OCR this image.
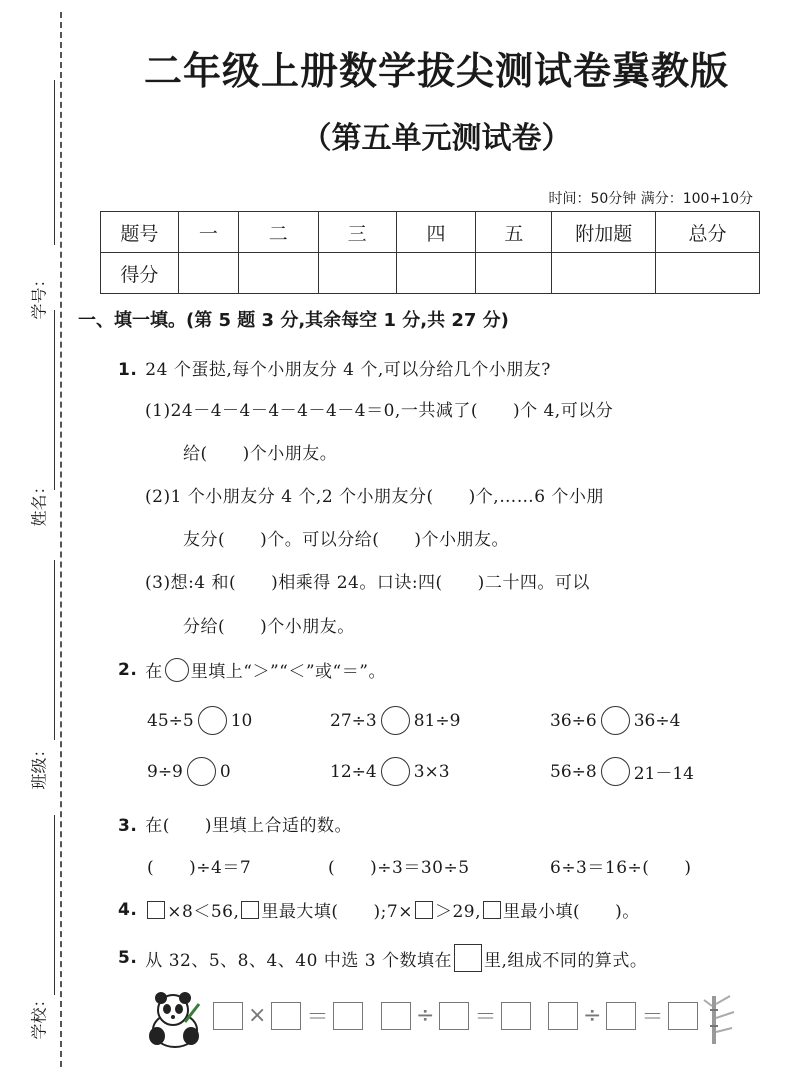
学号：
姓名：
班级：
学校：
二年级上册数学拔尖测试卷冀教版
（第五单元测试卷）
时间：50分钟 满分：100+10分
题号	一	二	三	四	五	附加题	总分
得分							
一、填一填。(第 5 题 3 分,其余每空 1 分,共 27 分)
1. 24 个蛋挞,每个小朋友分 4 个,可以分给几个小朋友?
(1)24－4－4－4－4－4－4＝0,一共减了(　　)个 4,可以分
给(　　)个小朋友。
(2)1 个小朋友分 4 个,2 个小朋友分(　　)个,……6 个小朋
友分(　　)个。可以分给(　　)个小朋友。
(3)想:4 和(　　)相乘得 24。口诀:四(　　)二十四。可以
分给(　　)个小朋友。
2. 在 里填上“＞”“＜”或“＝”。
45÷5 10	27÷3 81÷9	36÷6 36÷4
9÷9 0	12÷4 3×3	56÷8 21－14
3. 在(　　)里填上合适的数。
(　　)÷4＝7	(　　)÷3＝30÷5	6÷3＝16÷(　　)
4. ×8＜56, 里最大填(　　);7× ＞29, 里最小填(　　)。
5. 从 32、5、8、4、40 中选 3 个数填在 里,组成不同的算式。
× ＝	÷ ＝	÷ ＝
